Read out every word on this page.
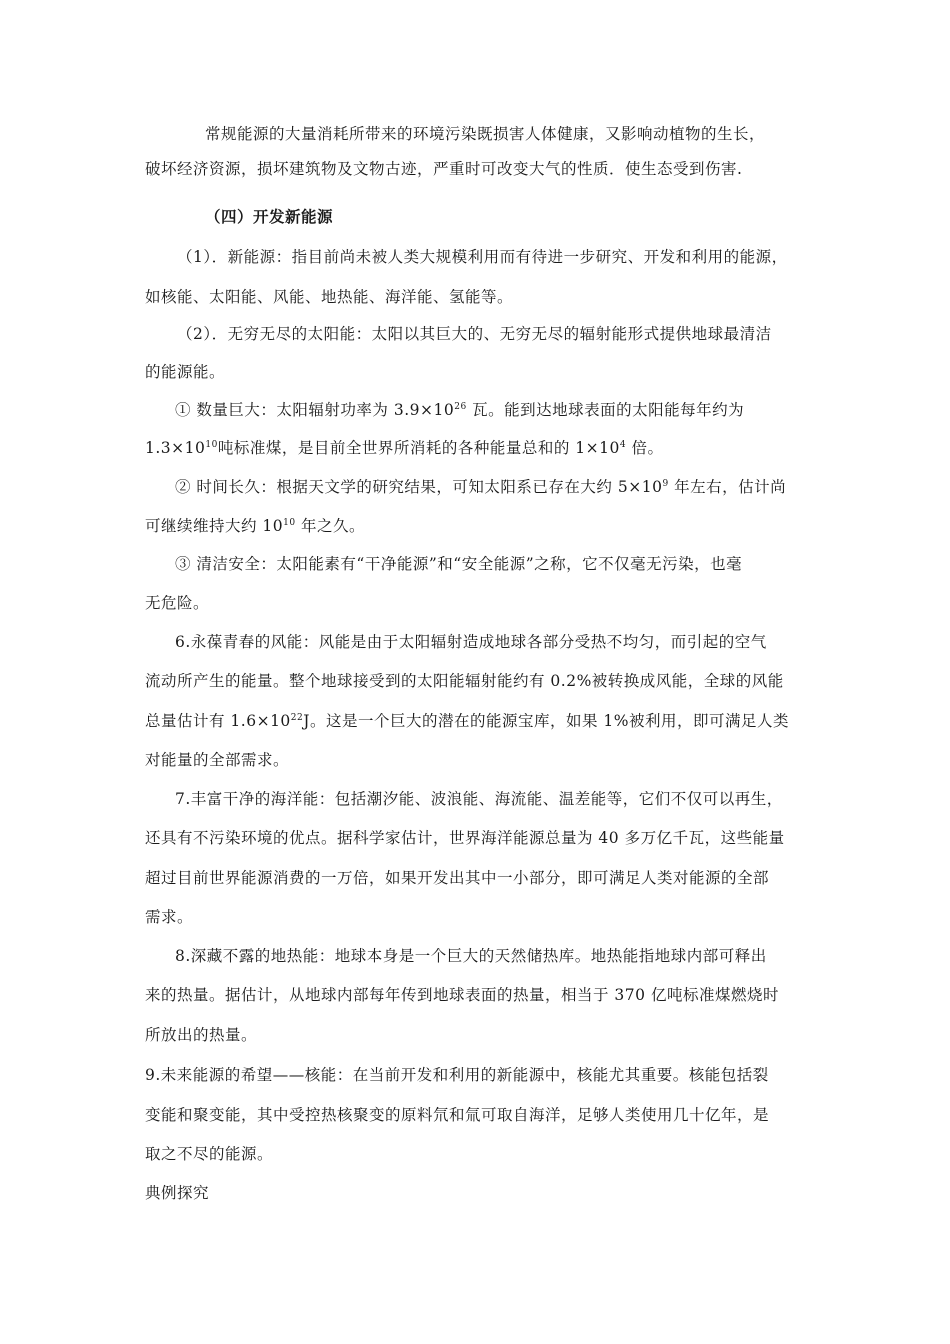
常规能源的大量消耗所带来的环境污染既损害人体健康，又影响动植物的生长，
破坏经济资源，损坏建筑物及文物古迹，严重时可改变大气的性质．使生态受到伤害.
（四）开发新能源
（1）．新能源：指目前尚未被人类大规模利用而有待进一步研究、开发和利用的能源，
如核能、太阳能、风能、地热能、海洋能、氢能等。
（2）．无穷无尽的太阳能：太阳以其巨大的、无穷无尽的辐射能形式提供地球最清洁
的能源能。
① 数量巨大：太阳辐射功率为 $3.9\times 10^{26}$ 瓦。能到达地球表面的太阳能每年约为
$1.3\times 10^{10}$吨标准煤，是目前全世界所消耗的各种能量总和的 $1\times 10^4$ 倍。
② 时间长久：根据天文学的研究结果，可知太阳系已存在大约 $5\times 10^9$ 年左右，估计尚
可继续维持大约 $10^{10}$ 年之久。
③ 清洁安全：太阳能素有“干净能源”和“安全能源”之称，它不仅毫无污染，也毫
无危险。
6.永葆青春的风能：风能是由于太阳辐射造成地球各部分受热不均匀，而引起的空气
流动所产生的能量。整个地球接受到的太阳能辐射能约有 0.2%被转换成风能，全球的风能
总量估计有 $1.6\times 10^{22}J$。这是一个巨大的潜在的能源宝库，如果 1%被利用，即可满足人类
对能量的全部需求。
7.丰富干净的海洋能：包括潮汐能、波浪能、海流能、温差能等，它们不仅可以再生，
还具有不污染环境的优点。据科学家估计，世界海洋能源总量为 40 多万亿千瓦，这些能量
超过目前世界能源消费的一万倍，如果开发出其中一小部分，即可满足人类对能源的全部
需求。
8.深藏不露的地热能：地球本身是一个巨大的天然储热库。地热能指地球内部可释出
来的热量。据估计，从地球内部每年传到地球表面的热量，相当于 370 亿吨标准煤燃烧时
所放出的热量。
9.未来能源的希望——核能：在当前开发和利用的新能源中，核能尤其重要。核能包括裂
变能和聚变能，其中受控热核聚变的原料氘和氚可取自海洋，足够人类使用几十亿年，是
取之不尽的能源。
典例探究
